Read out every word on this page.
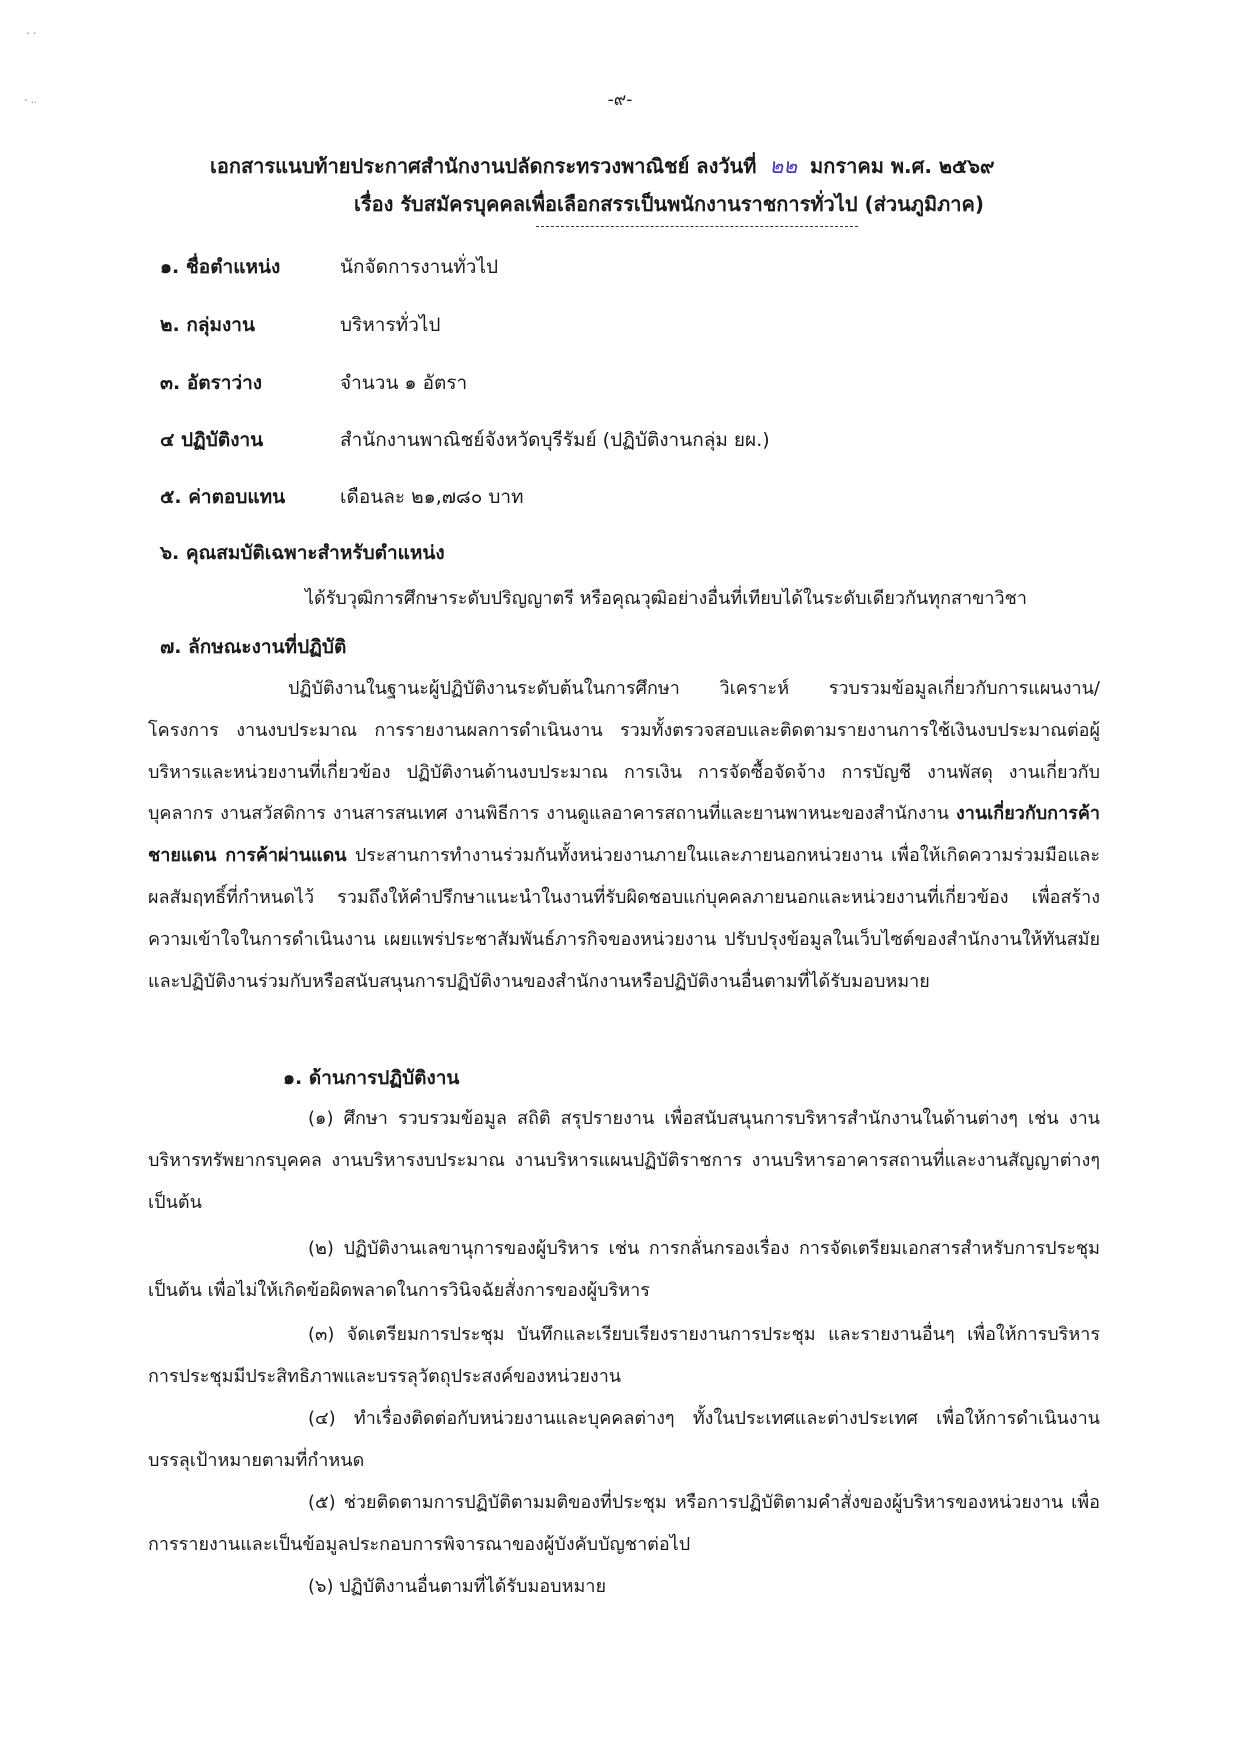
- -
- ..	-๙-
เอกสารแนบท้ายประกาศสำนักงานปลัดกระทรวงพาณิชย์ ลงวันที่ ๒๒ มกราคม พ.ศ. ๒๕๖๙
เรื่อง รับสมัครบุคคลเพื่อเลือกสรรเป็นพนักงานราชการทั่วไป (ส่วนภูมิภาค)
๑. ชื่อตำแหน่ง	นักจัดการงานทั่วไป
๒. กลุ่มงาน	บริหารทั่วไป
๓. อัตราว่าง	จำนวน ๑ อัตรา
๔ ปฏิบัติงาน	สำนักงานพาณิชย์จังหวัดบุรีรัมย์ (ปฏิบัติงานกลุ่ม ยผ.)
๕. ค่าตอบแทน	เดือนละ ๒๑,๗๘๐ บาท
๖. คุณสมบัติเฉพาะสำหรับตำแหน่ง
ได้รับวุฒิการศึกษาระดับปริญญาตรี หรือคุณวุฒิอย่างอื่นที่เทียบได้ในระดับเดียวกันทุกสาขาวิชา
๗. ลักษณะงานที่ปฏิบัติ
ปฏิบัติงานในฐานะผู้ปฏิบัติงานระดับต้นในการศึกษา วิเคราะห์ รวบรวมข้อมูลเกี่ยวกับการแผนงาน/โครงการ งานงบประมาณ การรายงานผลการดำเนินงาน รวมทั้งตรวจสอบและติดตามรายงานการใช้เงินงบประมาณต่อผู้บริหารและหน่วยงานที่เกี่ยวข้อง ปฏิบัติงานด้านงบประมาณ การเงิน การจัดซื้อจัดจ้าง การบัญชี งานพัสดุ งานเกี่ยวกับบุคลากร งานสวัสดิการ งานสารสนเทศ งานพิธีการ งานดูแลอาคารสถานที่และยานพาหนะของสำนักงาน งานเกี่ยวกับการค้าชายแดน การค้าผ่านแดน ประสานการทำงานร่วมกันทั้งหน่วยงานภายในและภายนอกหน่วยงาน เพื่อให้เกิดความร่วมมือและผลสัมฤทธิ์ที่กำหนดไว้ รวมถึงให้คำปรึกษาแนะนำในงานที่รับผิดชอบแก่บุคคลภายนอกและหน่วยงานที่เกี่ยวข้อง เพื่อสร้างความเข้าใจในการดำเนินงาน เผยแพร่ประชาสัมพันธ์ภารกิจของหน่วยงาน ปรับปรุงข้อมูลในเว็บไซต์ของสำนักงานให้ทันสมัย และปฏิบัติงานร่วมกับหรือสนับสนุนการปฏิบัติงานของสำนักงานหรือปฏิบัติงานอื่นตามที่ได้รับมอบหมาย
๑. ด้านการปฏิบัติงาน
(๑) ศึกษา รวบรวมข้อมูล สถิติ สรุปรายงาน เพื่อสนับสนุนการบริหารสำนักงานในด้านต่างๆ เช่น งานบริหารทรัพยากรบุคคล งานบริหารงบประมาณ งานบริหารแผนปฏิบัติราชการ งานบริหารอาคารสถานที่และงานสัญญาต่างๆ เป็นต้น
(๒) ปฏิบัติงานเลขานุการของผู้บริหาร เช่น การกลั่นกรองเรื่อง การจัดเตรียมเอกสารสำหรับการประชุม เป็นต้น เพื่อไม่ให้เกิดข้อผิดพลาดในการวินิจฉัยสั่งการของผู้บริหาร
(๓) จัดเตรียมการประชุม บันทึกและเรียบเรียงรายงานการประชุม และรายงานอื่นๆ เพื่อให้การบริหารการประชุมมีประสิทธิภาพและบรรลุวัตถุประสงค์ของหน่วยงาน
(๔) ทำเรื่องติดต่อกับหน่วยงานและบุคคลต่างๆ ทั้งในประเทศและต่างประเทศ เพื่อให้การดำเนินงานบรรลุเป้าหมายตามที่กำหนด
(๕) ช่วยติดตามการปฏิบัติตามมติของที่ประชุม หรือการปฏิบัติตามคำสั่งของผู้บริหารของหน่วยงาน เพื่อการรายงานและเป็นข้อมูลประกอบการพิจารณาของผู้บังคับบัญชาต่อไป
(๖) ปฏิบัติงานอื่นตามที่ได้รับมอบหมาย
